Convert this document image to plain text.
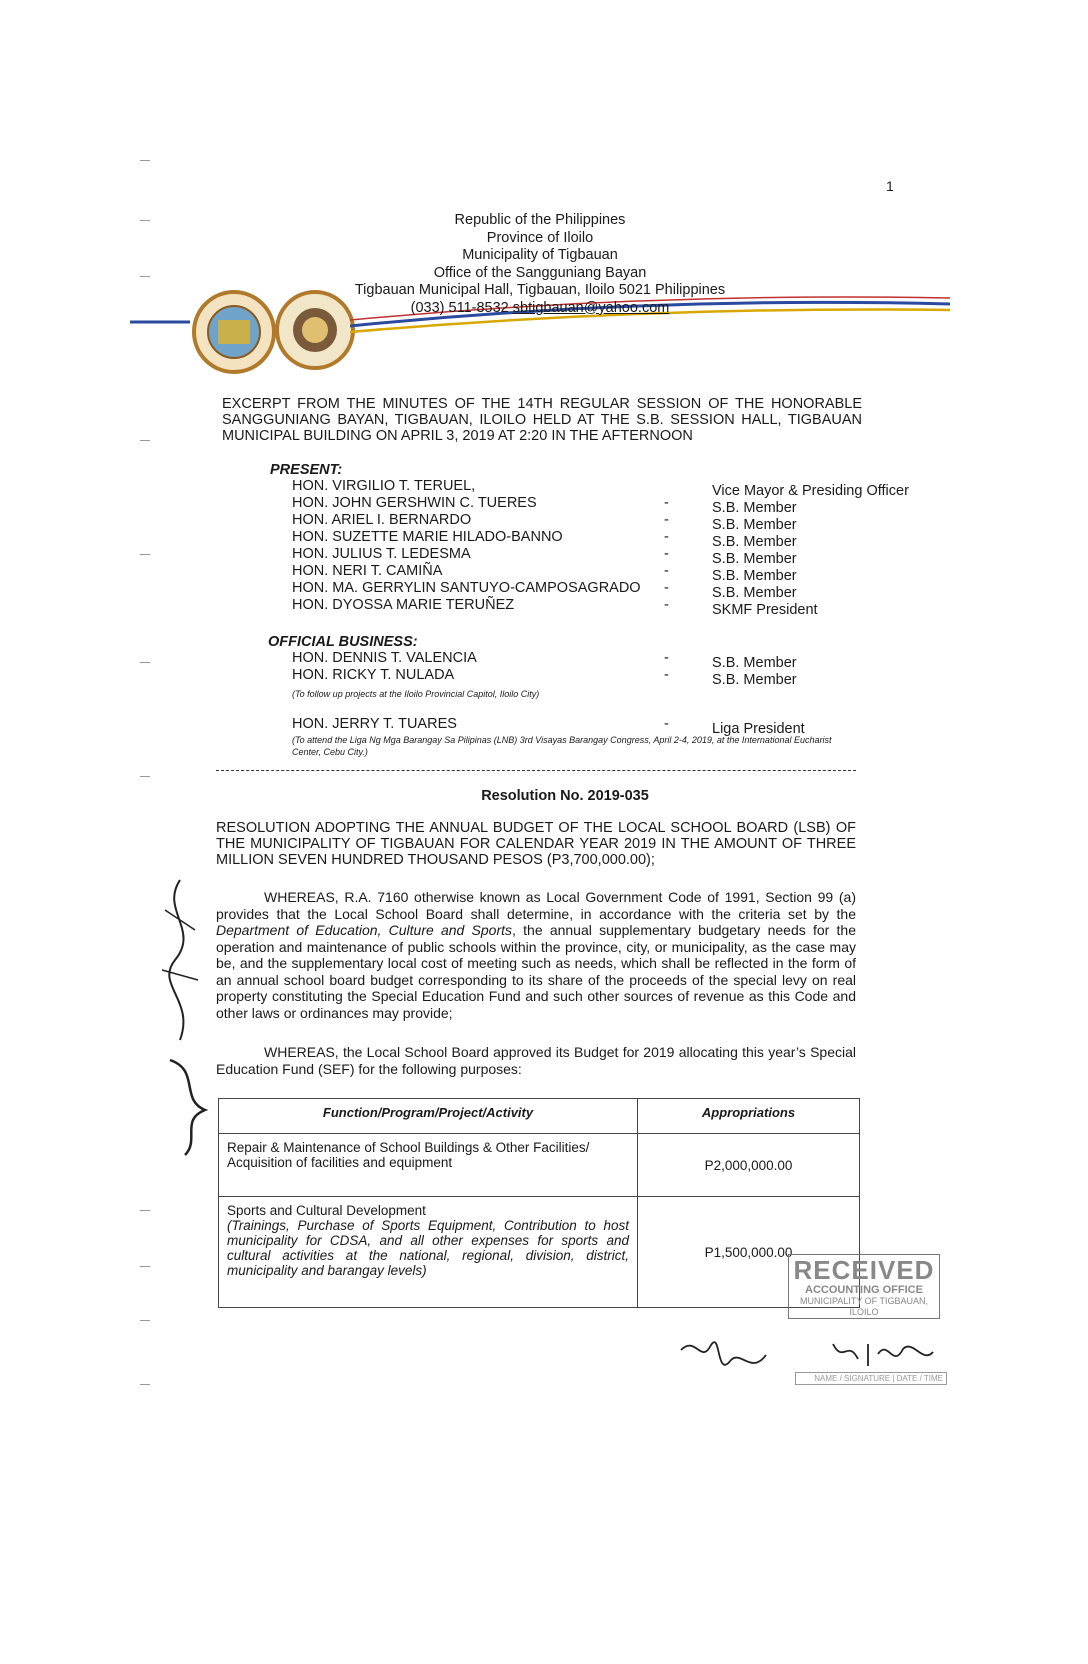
1
Republic of the Philippines
Province of Iloilo
Municipality of Tigbauan
Office of the Sangguniang Bayan
Tigbauan Municipal Hall, Tigbauan, Iloilo 5021 Philippines
(033) 511-8532 sbtigbauan@yahoo.com
EXCERPT FROM THE MINUTES OF THE 14TH REGULAR SESSION OF THE HONORABLE SANGGUNIANG BAYAN, TIGBAUAN, ILOILO HELD AT THE S.B. SESSION HALL, TIGBAUAN MUNICIPAL BUILDING ON APRIL 3, 2019 AT 2:20 IN THE AFTERNOON
PRESENT:
HON. VIRGILIO T. TERUEL,	Vice Mayor & Presiding Officer
HON. JOHN GERSHWIN C. TUERES	-	S.B. Member
HON. ARIEL I. BERNARDO	-	S.B. Member
HON. SUZETTE MARIE HILADO-BANNO	-	S.B. Member
HON. JULIUS T. LEDESMA	-	S.B. Member
HON. NERI T. CAMIÑA	-	S.B. Member
HON. MA. GERRYLIN SANTUYO-CAMPOSAGRADO -	S.B. Member
HON. DYOSSA MARIE TERUÑEZ	-	SKMF President
OFFICIAL BUSINESS:
HON. DENNIS T. VALENCIA	-	S.B. Member
HON. RICKY T. NULADA	-	S.B. Member
(To follow up projects at the Iloilo Provincial Capitol, Iloilo City)
HON. JERRY T. TUARES	-	Liga President
(To attend the Liga Ng Mga Barangay Sa Pilipinas (LNB) 3rd Visayas Barangay Congress, April 2-4, 2019, at the International Eucharist Center, Cebu City.)
Resolution No. 2019-035
RESOLUTION ADOPTING THE ANNUAL BUDGET OF THE LOCAL SCHOOL BOARD (LSB) OF THE MUNICIPALITY OF TIGBAUAN FOR CALENDAR YEAR 2019 IN THE AMOUNT OF THREE MILLION SEVEN HUNDRED THOUSAND PESOS (P3,700,000.00);
WHEREAS, R.A. 7160 otherwise known as Local Government Code of 1991, Section 99 (a) provides that the Local School Board shall determine, in accordance with the criteria set by the Department of Education, Culture and Sports, the annual supplementary budgetary needs for the operation and maintenance of public schools within the province, city, or municipality, as the case may be, and the supplementary local cost of meeting such as needs, which shall be reflected in the form of an annual school board budget corresponding to its share of the proceeds of the special levy on real property constituting the Special Education Fund and such other sources of revenue as this Code and other laws or ordinances may provide;
WHEREAS, the Local School Board approved its Budget for 2019 allocating this year’s Special Education Fund (SEF) for the following purposes:
Function/Program/Project/Activity	Appropriations
Repair & Maintenance of School Buildings & Other Facilities/ Acquisition of facilities and equipment	P2,000,000.00

Sports and Cultural Development
(Trainings, Purchase of Sports Equipment, Contribution to host municipality for CDSA, and all other expenses for sports and cultural activities at the national, regional, division, district, municipality and barangay levels)	P1,500,000.00
RECEIVED
ACCOUNTING OFFICE
MUNICIPALITY OF TIGBAUAN, ILOILO
NAME / SIGNATURE | DATE / TIME
